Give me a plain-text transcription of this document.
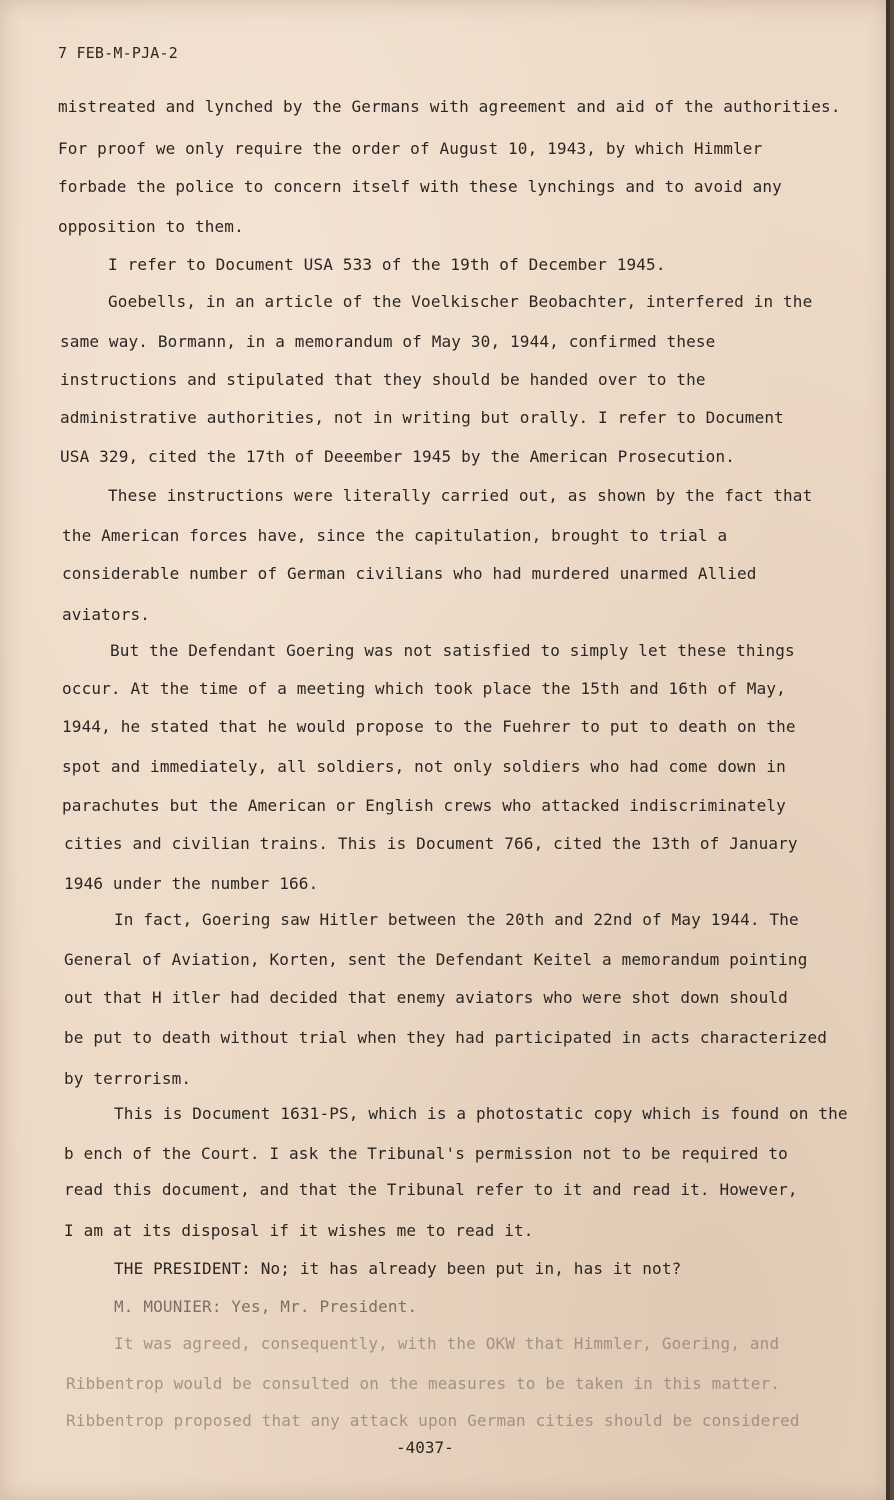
7 FEB-M-PJA-2
mistreated and lynched by the Germans with agreement and aid of the authorities.
For proof we only require the order of August 10, 1943, by which Himmler
forbade the police to concern itself with these lynchings and to avoid any
opposition to them.
I refer to Document USA 533 of the 19th of December 1945.
Goebells, in an article of the Voelkischer Beobachter, interfered in the
same way. Bormann, in a memorandum of May 30, 1944, confirmed these
instructions and stipulated that they should be handed over to the
administrative authorities, not in writing but orally. I refer to Document
USA 329, cited the 17th of Deeember 1945 by the American Prosecution.
These instructions were literally carried out, as shown by the fact that
the American forces have, since the capitulation, brought to trial a
considerable number of German civilians who had murdered unarmed Allied
aviators.
But the Defendant Goering was not satisfied to simply let these things
occur. At the time of a meeting which took place the 15th and 16th of May,
1944, he stated that he would propose to the Fuehrer to put to death on the
spot and immediately, all soldiers, not only soldiers who had come down in
parachutes but the American or English crews who attacked indiscriminately
cities and civilian trains. This is Document 766, cited the 13th of January
1946 under the number 166.
In fact, Goering saw Hitler between the 20th and 22nd of May 1944. The
General of Aviation, Korten, sent the Defendant Keitel a memorandum pointing
out that H itler had decided that enemy aviators who were shot down should
be put to death without trial when they had participated in acts characterized
by terrorism.
This is Document 1631-PS, which is a photostatic copy which is found on the
b ench of the Court. I ask the Tribunal's permission not to be required to
read this document, and that the Tribunal refer to it and read it. However,
I am at its disposal if it wishes me to read it.
THE PRESIDENT: No; it has already been put in, has it not?
M. MOUNIER: Yes, Mr. President.
It was agreed, consequently, with the OKW that Himmler, Goering, and
Ribbentrop would be consulted on the measures to be taken in this matter.
Ribbentrop proposed that any attack upon German cities should be considered
-4037-
